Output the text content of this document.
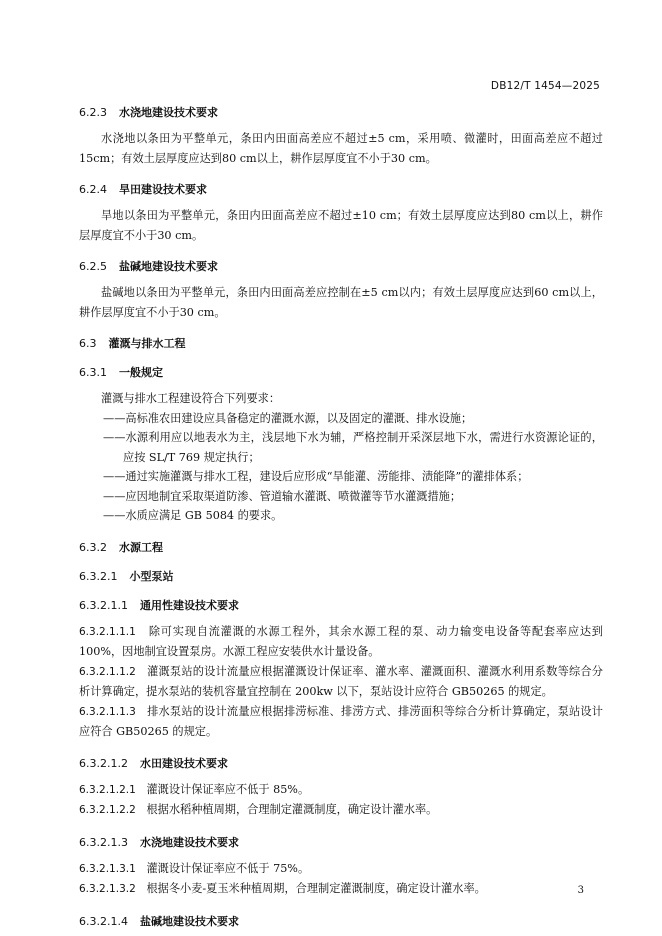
DB12/T 1454—2025

6.2.3 水浇地建设技术要求

水浇地以条田为平整单元，条田内田面高差应不超过±5 cm，采用喷、微灌时，田面高差应不超过15cm；有效土层厚度应达到80 cm以上，耕作层厚度宜不小于30 cm。

6.2.4 旱田建设技术要求

旱地以条田为平整单元，条田内田面高差应不超过±10 cm；有效土层厚度应达到80 cm以上，耕作层厚度宜不小于30 cm。

6.2.5 盐碱地建设技术要求

盐碱地以条田为平整单元，条田内田面高差应控制在±5 cm以内；有效土层厚度应达到60 cm以上，耕作层厚度宜不小于30 cm。

6.3 灌溉与排水工程

6.3.1 一般规定

灌溉与排水工程建设符合下列要求：

——高标准农田建设应具备稳定的灌溉水源，以及固定的灌溉、排水设施；

——水源利用应以地表水为主，浅层地下水为辅，严格控制开采深层地下水，需进行水资源论证的，应按 SL/T 769 规定执行；

——通过实施灌溉与排水工程，建设后应形成“旱能灌、涝能排、渍能降”的灌排体系；

——应因地制宜采取渠道防渗、管道输水灌溉、喷微灌等节水灌溉措施；

——水质应满足 GB 5084 的要求。

6.3.2 水源工程

6.3.2.1 小型泵站

6.3.2.1.1 通用性建设技术要求

6.3.2.1.1.1 除可实现自流灌溉的水源工程外，其余水源工程的泵、动力输变电设备等配套率应达到100%，因地制宜设置泵房。水源工程应安装供水计量设备。

6.3.2.1.1.2 灌溉泵站的设计流量应根据灌溉设计保证率、灌水率、灌溉面积、灌溉水利用系数等综合分析计算确定，提水泵站的装机容量宜控制在 200kw 以下，泵站设计应符合 GB50265 的规定。

6.3.2.1.1.3 排水泵站的设计流量应根据排涝标准、排涝方式、排涝面积等综合分析计算确定，泵站设计应符合 GB50265 的规定。

6.3.2.1.2 水田建设技术要求

6.3.2.1.2.1 灌溉设计保证率应不低于 85%。

6.3.2.1.2.2 根据水稻种植周期，合理制定灌溉制度，确定设计灌水率。

6.3.2.1.3 水浇地建设技术要求

6.3.2.1.3.1 灌溉设计保证率应不低于 75%。

6.3.2.1.3.2 根据冬小麦-夏玉米种植周期，合理制定灌溉制度，确定设计灌水率。

6.3.2.1.4 盐碱地建设技术要求

3
